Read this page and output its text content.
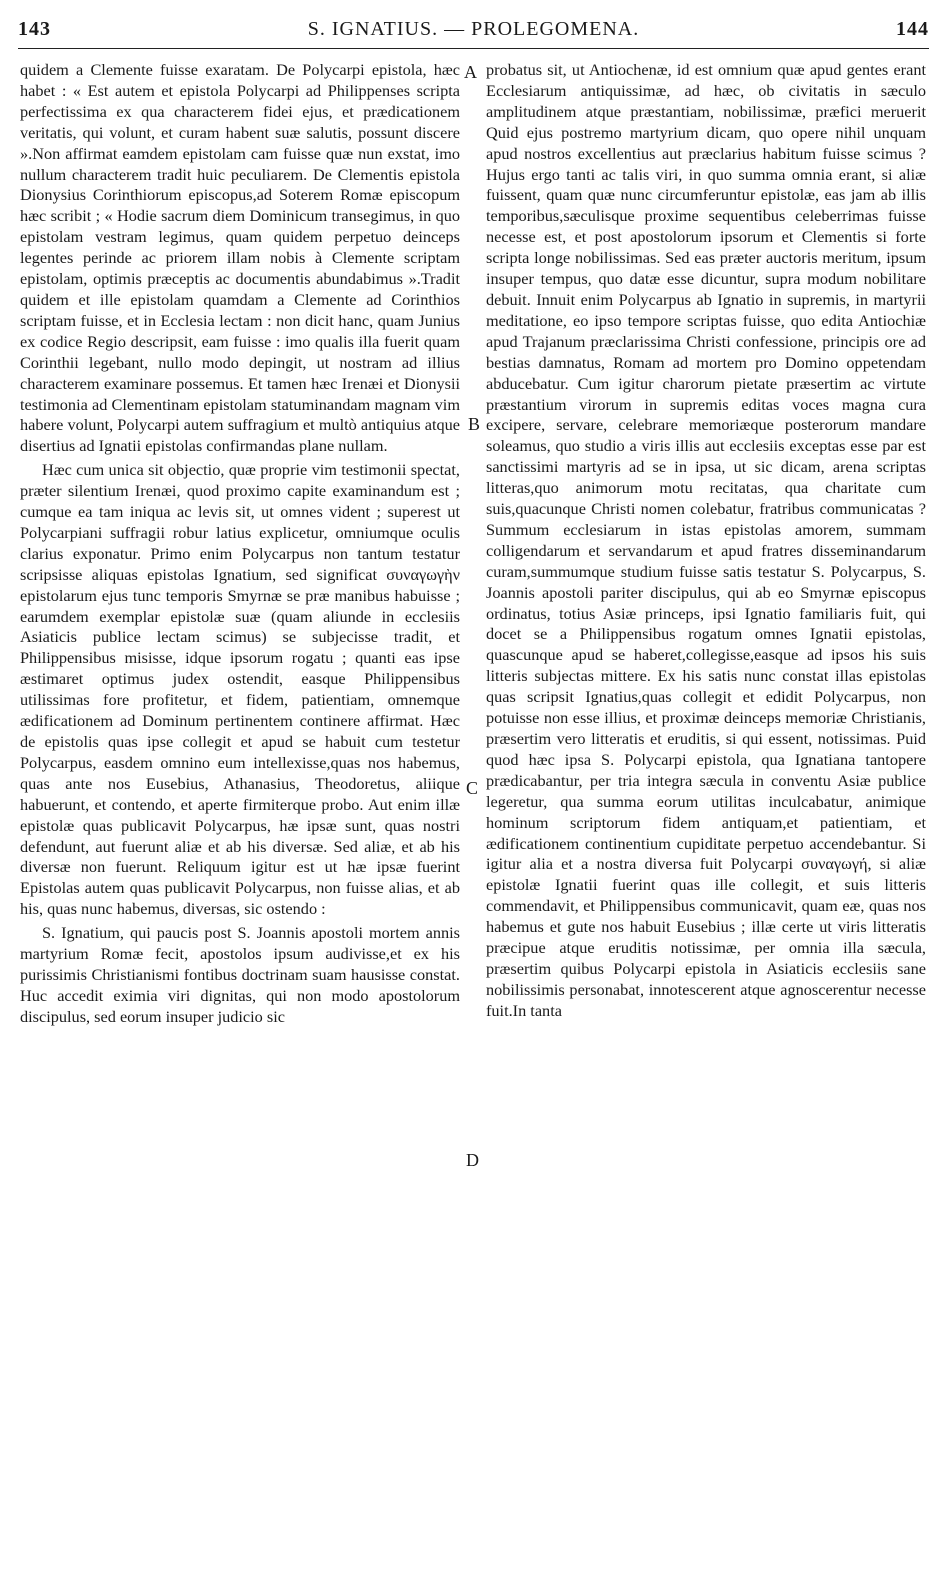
143	S. IGNATIUS. — PROLEGOMENA.	144

quidem a Clemente fuisse exaratam. De Polycarpi epistola, hæc habet : « Est autem et epistola Polycarpi ad Philippenses scripta perfectissima ex qua characterem fidei ejus, et prædicationem veritatis, qui volunt, et curam habent suæ salutis, possunt discere ».Non affirmat eamdem epistolam cam fuisse quæ nun exstat, imo nullum characterem tradit huic peculiarem. De Clementis epistola Dionysius Corinthiorum episcopus,ad Soterem Romæ episcopum hæc scribit ; « Hodie sacrum diem Dominicum transegimus, in quo epistolam vestram legimus, quam quidem perpetuo deinceps legentes perinde ac priorem illam nobis à Clemente scriptam epistolam, optimis præceptis ac documentis abundabimus ».Tradit quidem et ille epistolam quamdam a Clemente ad Corinthios scriptam fuisse, et in Ecclesia lectam : non dicit hanc, quam Junius ex codice Regio descripsit, eam fuisse : imo qualis illa fuerit quam Corinthii legebant, nullo modo depingit, ut nostram ad illius characterem examinare possemus. Et tamen hæc Irenæi et Dionysii testimonia ad Clementinam epistolam statuminandam magnam vim habere volunt, Polycarpi autem suffragium et multò antiquius atque disertius ad Ignatii epistolas confirmandas plane nullam.

Hæc cum unica sit objectio, quæ proprie vim testimonii spectat, præter silentium Irenæi, quod proximo capite examinandum est ; cumque ea tam iniqua ac levis sit, ut omnes vident ; superest ut Polycarpiani suffragii robur latius explicetur, omniumque oculis clarius exponatur. Primo enim Polycarpus non tantum testatur scripsisse aliquas epistolas Ignatium, sed significat συναγωγὴν epistolarum ejus tunc temporis Smyrnæ se præ manibus habuisse ; earumdem exemplar epistolæ suæ (quam aliunde in ecclesiis Asiaticis publice lectam scimus) se subjecisse tradit, et Philippensibus misisse, idque ipsorum rogatu ; quanti eas ipse æstimaret optimus judex ostendit, easque Philippensibus utilissimas fore profitetur, et fidem, patientiam, omnemque ædificationem ad Dominum pertinentem continere affirmat. Hæc de epistolis quas ipse collegit et apud se habuit cum testetur Polycarpus, easdem omnino eum intellexisse,quas nos habemus, quas ante nos Eusebius, Athanasius, Theodoretus, aliique habuerunt, et contendo, et aperte firmiterque probo. Aut enim illæ epistolæ quas publicavit Polycarpus, hæ ipsæ sunt, quas nostri defendunt, aut fuerunt aliæ et ab his diversæ. Sed aliæ, et ab his diversæ non fuerunt. Reliquum igitur est ut hæ ipsæ fuerint Epistolas autem quas publicavit Polycarpus, non fuisse alias, et ab his, quas nunc habemus, diversas, sic ostendo :

S. Ignatium, qui paucis post S. Joannis apostoli mortem annis martyrium Romæ fecit, apostolos ipsum audivisse,et ex his purissimis Christianismi fontibus doctrinam suam hausisse constat. Huc accedit eximia viri dignitas, qui non modo apostolorum discipulus, sed eorum insuper judicio sic

A
B
C
D

probatus sit, ut Antiochenæ, id est omnium quæ apud gentes erant Ecclesiarum antiquissimæ, ad hæc, ob civitatis in sæculo amplitudinem atque præstantiam, nobilissimæ, præfici meruerit Quid ejus postremo martyrium dicam, quo opere nihil unquam apud nostros excellentius aut præclarius habitum fuisse scimus ? Hujus ergo tanti ac talis viri, in quo summa omnia erant, si aliæ fuissent, quam quæ nunc circumferuntur epistolæ, eas jam ab illis temporibus,sæculisque proxime sequentibus celeberrimas fuisse necesse est, et post apostolorum ipsorum et Clementis si forte scripta longe nobilissimas. Sed eas præter auctoris meritum, ipsum insuper tempus, quo datæ esse dicuntur, supra modum nobilitare debuit. Innuit enim Polycarpus ab Ignatio in supremis, in martyrii meditatione, eo ipso tempore scriptas fuisse, quo edita Antiochiæ apud Trajanum præclarissima Christi confessione, principis ore ad bestias damnatus, Romam ad mortem pro Domino oppetendam abducebatur. Cum igitur charorum pietate præsertim ac virtute præstantium virorum in supremis editas voces magna cura excipere, servare, celebrare memoriæque posterorum mandare soleamus, quo studio a viris illis aut ecclesiis exceptas esse par est sanctissimi martyris ad se in ipsa, ut sic dicam, arena scriptas litteras,quo animorum motu recitatas, qua charitate cum suis,quacunque Christi nomen colebatur, fratribus communicatas ? Summum ecclesiarum in istas epistolas amorem, summam colligendarum et servandarum et apud fratres disseminandarum curam,summumque studium fuisse satis testatur S. Polycarpus, S. Joannis apostoli pariter discipulus, qui ab eo Smyrnæ episcopus ordinatus, totius Asiæ princeps, ipsi Ignatio familiaris fuit, qui docet se a Philippensibus rogatum omnes Ignatii epistolas, quascunque apud se haberet,collegisse,easque ad ipsos his suis litteris subjectas mittere. Ex his satis nunc constat illas epistolas quas scripsit Ignatius,quas collegit et edidit Polycarpus, non potuisse non esse illius, et proximæ deinceps memoriæ Christianis, præsertim vero litteratis et eruditis, si qui essent, notissimas. Puid quod hæc ipsa S. Polycarpi epistola, qua Ignatiana tantopere prædicabantur, per tria integra sæcula in conventu Asiæ publice legeretur, qua summa eorum utilitas inculcabatur, animique hominum scriptorum fidem antiquam,et patientiam, et ædificationem continentium cupiditate perpetuo accendebantur. Si igitur alia et a nostra diversa fuit Polycarpi συναγωγή, si aliæ epistolæ Ignatii fuerint quas ille collegit, et suis litteris commendavit, et Philippensibus communicavit, quam eæ, quas nos habemus et gute nos habuit Eusebius ; illæ certe ut viris litteratis præcipue atque eruditis notissimæ, per omnia illa sæcula, præsertim quibus Polycarpi epistola in Asiaticis ecclesiis sane nobilissimis personabat, innotescerent atque agnoscerentur necesse fuit.In tanta
